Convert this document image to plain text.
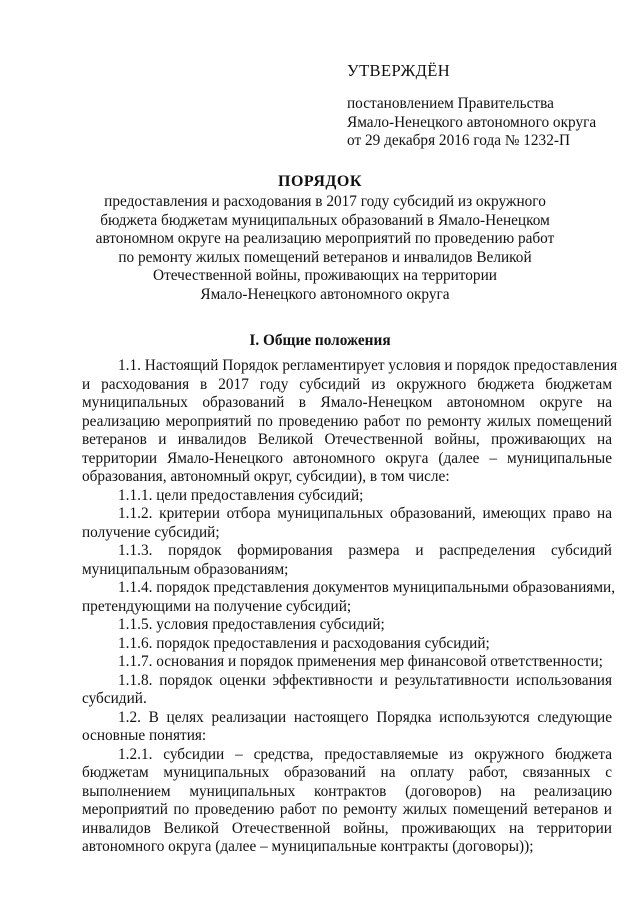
УТВЕРЖДЁН
постановлением Правительства
Ямало-Ненецкого автономного округа
от 29 декабря 2016 года № 1232-П
ПОРЯДОК
предоставления и расходования в 2017 году субсидий из окружного
бюджета бюджетам муниципальных образований в Ямало-Ненецком
автономном округе на реализацию мероприятий по проведению работ
по ремонту жилых помещений ветеранов и инвалидов Великой
Отечественной войны, проживающих на территории
Ямало-Ненецкого автономного округа
I. Общие положения
1.1. Настоящий Порядок регламентирует условия и порядок предоставления
и расходования в 2017 году субсидий из окружного бюджета бюджетам
муниципальных образований в Ямало-Ненецком автономном округе на
реализацию мероприятий по проведению работ по ремонту жилых помещений
ветеранов и инвалидов Великой Отечественной войны, проживающих на
территории Ямало-Ненецкого автономного округа (далее – муниципальные
образования, автономный округ, субсидии), в том числе:
1.1.1. цели предоставления субсидий;
1.1.2. критерии отбора муниципальных образований, имеющих право на
получение субсидий;
1.1.3. порядок формирования размера и распределения субсидий
муниципальным образованиям;
1.1.4. порядок представления документов муниципальными образованиями,
претендующими на получение субсидий;
1.1.5. условия предоставления субсидий;
1.1.6. порядок предоставления и расходования субсидий;
1.1.7. основания и порядок применения мер финансовой ответственности;
1.1.8. порядок оценки эффективности и результативности использования
субсидий.
1.2. В целях реализации настоящего Порядка используются следующие
основные понятия:
1.2.1. субсидии – средства, предоставляемые из окружного бюджета
бюджетам муниципальных образований на оплату работ, связанных с
выполнением муниципальных контрактов (договоров) на реализацию
мероприятий по проведению работ по ремонту жилых помещений ветеранов и
инвалидов Великой Отечественной войны, проживающих на территории
автономного округа (далее – муниципальные контракты (договоры));
